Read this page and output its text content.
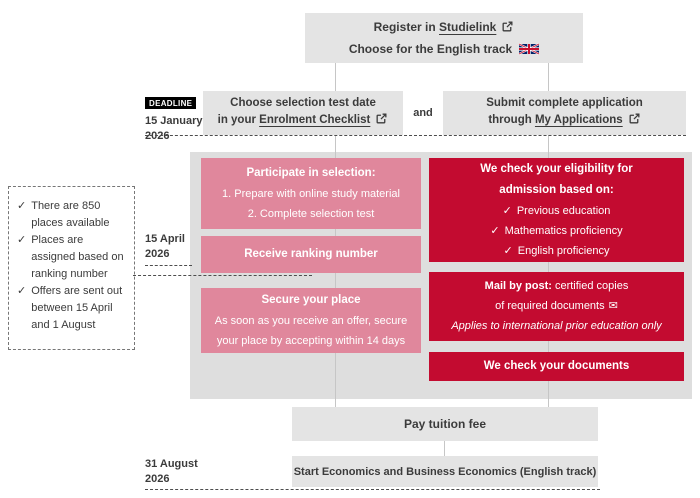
Register in Studielink
Choose for the English track
DEADLINE
15 January
2026
Choose selection test date
in your Enrolment Checklist
and
Submit complete application
through My Applications
✓ There are 850 places available
✓ Places are assigned based on ranking number
✓ Offers are sent out between 15 April and 1 August
15 April
2026
Participate in selection:
1. Prepare with online study material
2. Complete selection test
Receive ranking number
Secure your place
As soon as you receive an offer, secure
your place by accepting within 14 days
We check your eligibility for
admission based on:
✓ Previous education
✓ Mathematics proficiency
✓ English proficiency
Mail by post: certified copies
of required documents ✉
Applies to international prior education only
We check your documents
Pay tuition fee
31 August
2026
Start Economics and Business Economics (English track)
